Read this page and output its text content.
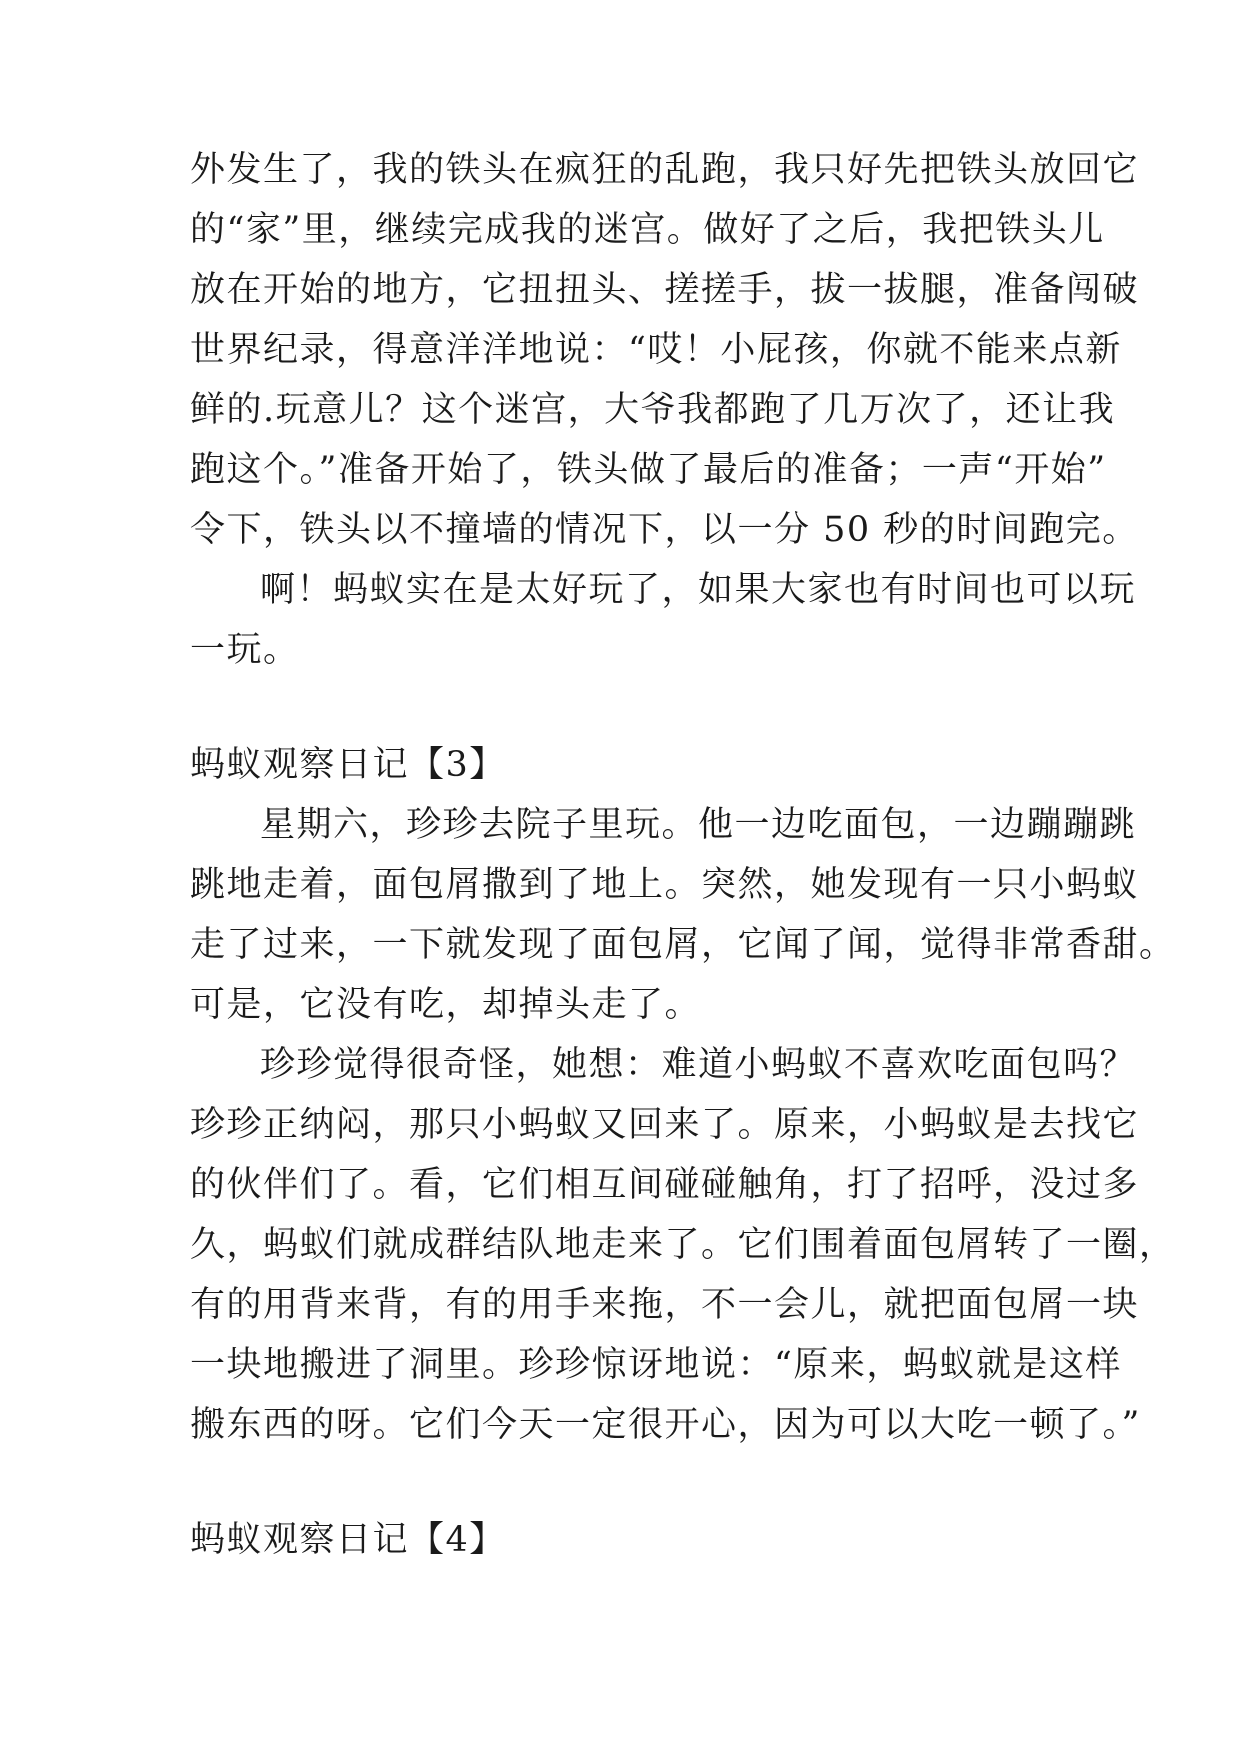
外发生了，我的铁头在疯狂的乱跑，我只好先把铁头放回它
的“家”里，继续完成我的迷宫。做好了之后，我把铁头儿
放在开始的地方，它扭扭头、搓搓手，拔一拔腿，准备闯破
世界纪录，得意洋洋地说：“哎！小屁孩，你就不能来点新
鲜的.玩意儿？这个迷宫，大爷我都跑了几万次了，还让我
跑这个。”准备开始了，铁头做了最后的准备；一声“开始”
令下，铁头以不撞墙的情况下，以一分 50 秒的时间跑完。
啊！蚂蚁实在是太好玩了，如果大家也有时间也可以玩
一玩。
蚂蚁观察日记【3】
星期六，珍珍去院子里玩。他一边吃面包，一边蹦蹦跳
跳地走着，面包屑撒到了地上。突然，她发现有一只小蚂蚁
走了过来，一下就发现了面包屑，它闻了闻，觉得非常香甜。
可是，它没有吃，却掉头走了。
珍珍觉得很奇怪，她想：难道小蚂蚁不喜欢吃面包吗？
珍珍正纳闷，那只小蚂蚁又回来了。原来，小蚂蚁是去找它
的伙伴们了。看，它们相互间碰碰触角，打了招呼，没过多
久，蚂蚁们就成群结队地走来了。它们围着面包屑转了一圈，
有的用背来背，有的用手来拖，不一会儿，就把面包屑一块
一块地搬进了洞里。珍珍惊讶地说：“原来，蚂蚁就是这样
搬东西的呀。它们今天一定很开心，因为可以大吃一顿了。”
蚂蚁观察日记【4】
